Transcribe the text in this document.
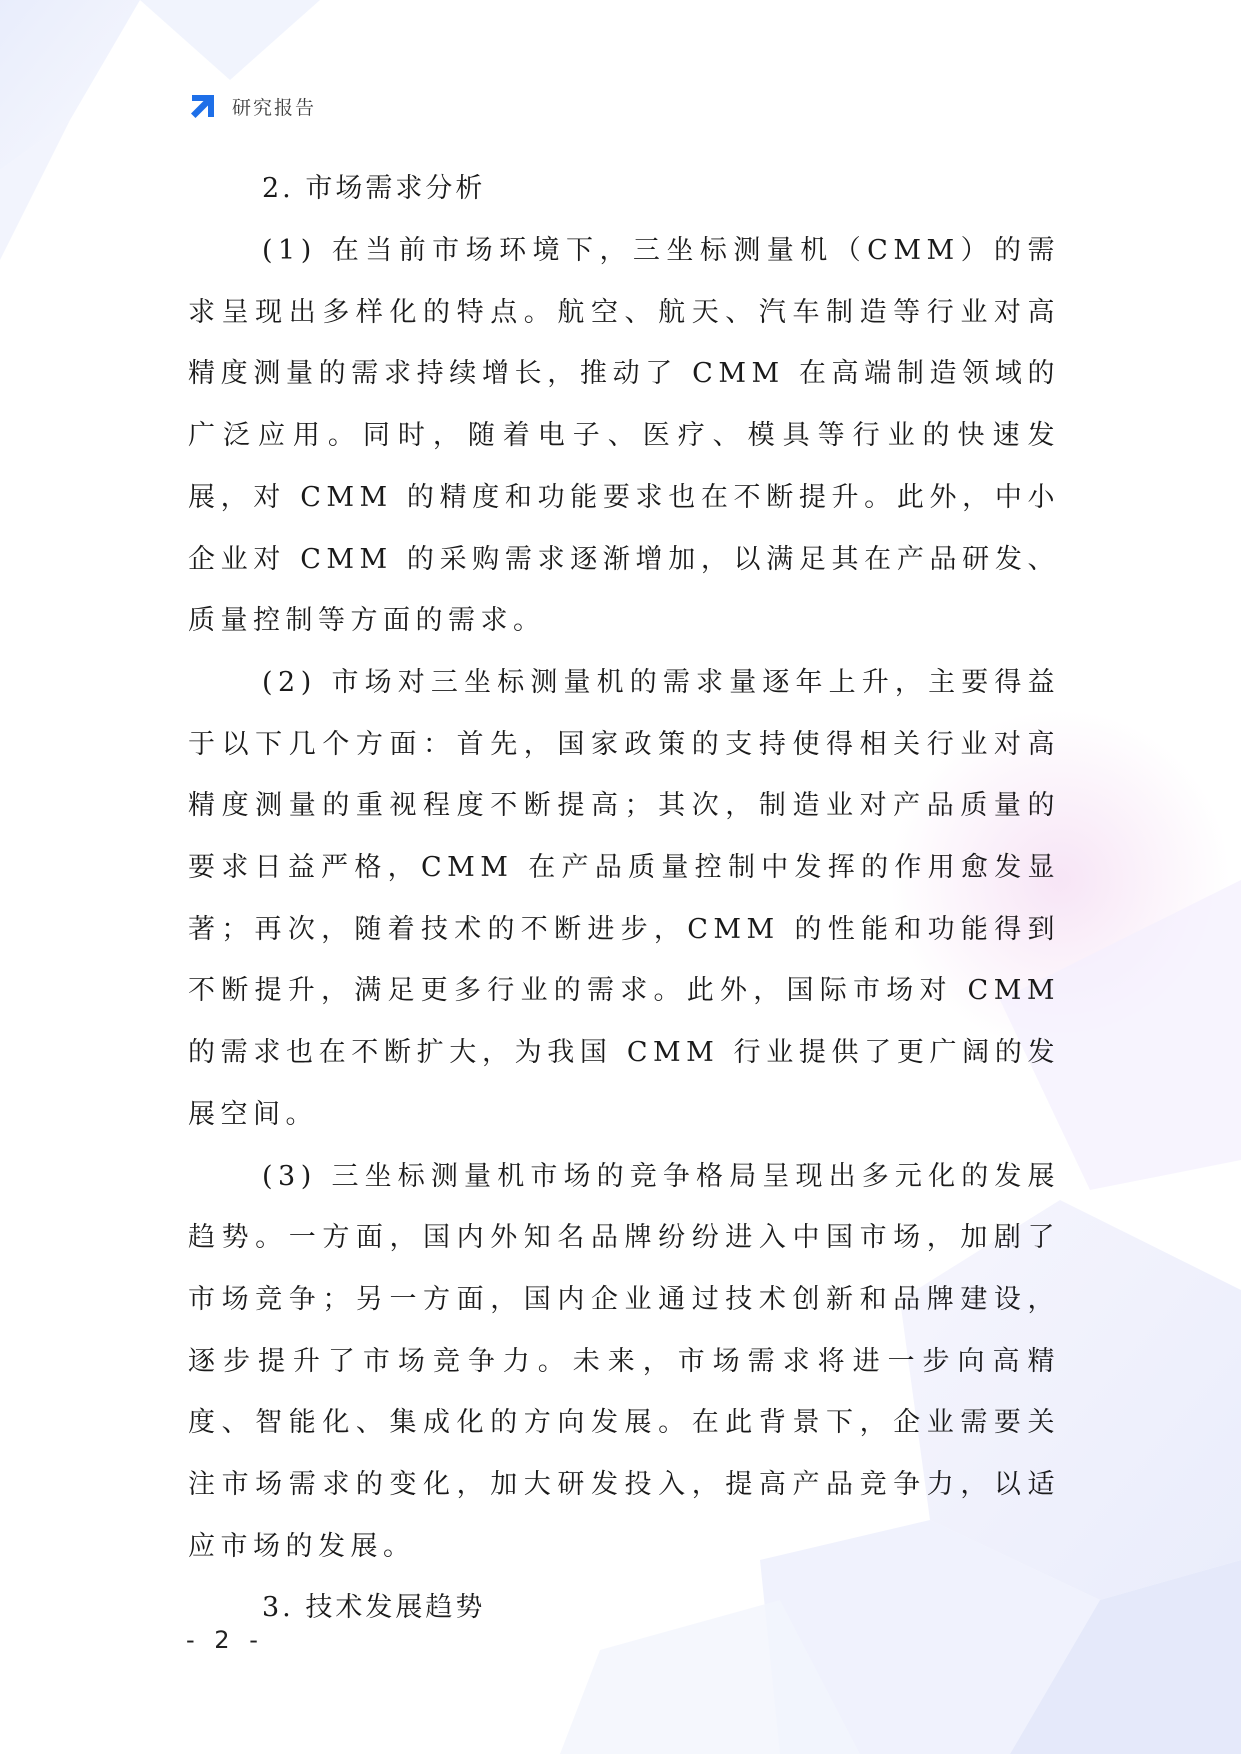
研究报告
2. 市场需求分析

(1) 在当前市场环境下，三坐标测量机（CMM）的需求呈现出多样化的特点。航空、航天、汽车制造等行业对高精度测量的需求持续增长，推动了 CMM 在高端制造领域的广泛应用。同时，随着电子、医疗、模具等行业的快速发展，对 CMM 的精度和功能要求也在不断提升。此外，中小企业对 CMM 的采购需求逐渐增加，以满足其在产品研发、质量控制等方面的需求。

(2) 市场对三坐标测量机的需求量逐年上升，主要得益于以下几个方面：首先，国家政策的支持使得相关行业对高精度测量的重视程度不断提高；其次，制造业对产品质量的要求日益严格，CMM 在产品质量控制中发挥的作用愈发显著；再次，随着技术的不断进步，CMM 的性能和功能得到不断提升，满足更多行业的需求。此外，国际市场对 CMM 的需求也在不断扩大，为我国 CMM 行业提供了更广阔的发展空间。

(3) 三坐标测量机市场的竞争格局呈现出多元化的发展趋势。一方面，国内外知名品牌纷纷进入中国市场，加剧了市场竞争；另一方面，国内企业通过技术创新和品牌建设，逐步提升了市场竞争力。未来，市场需求将进一步向高精度、智能化、集成化的方向发展。在此背景下，企业需要关注市场需求的变化，加大研发投入，提高产品竞争力，以适应市场的发展。

3. 技术发展趋势
- 2 -
